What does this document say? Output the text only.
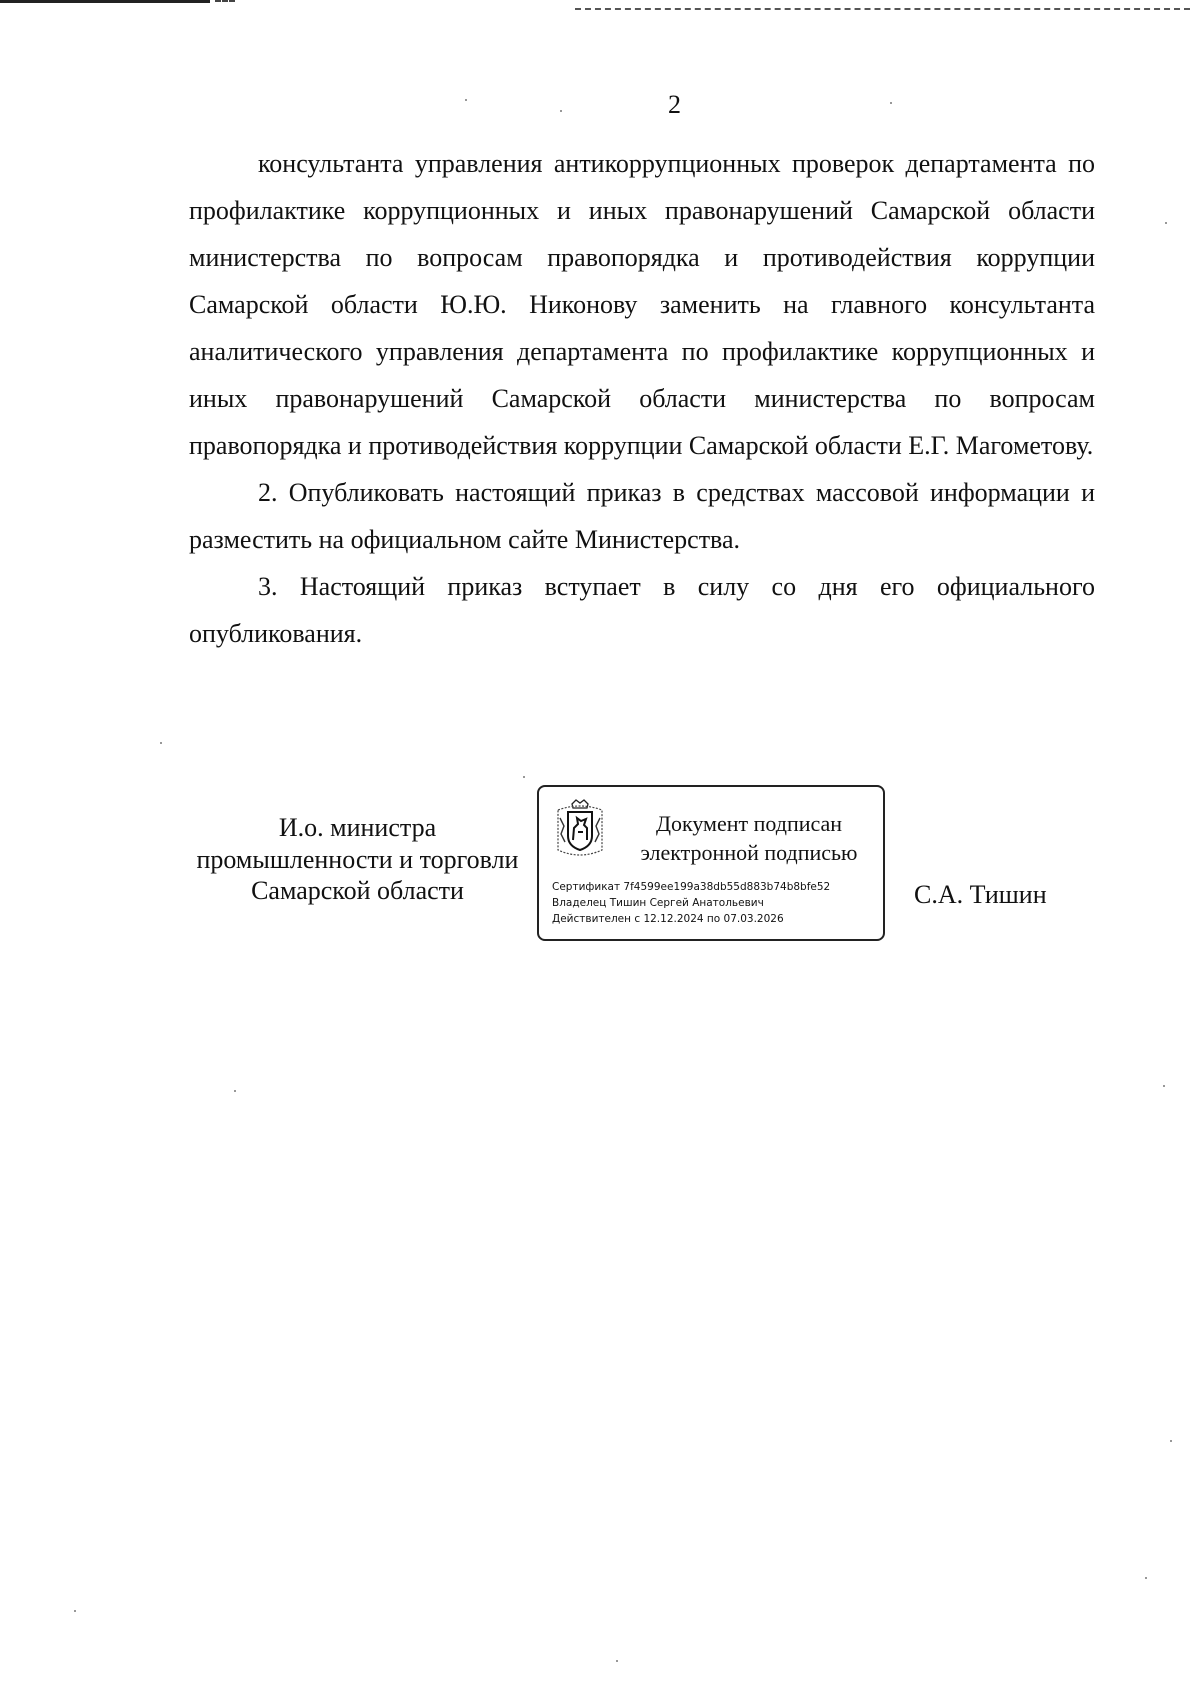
2

консультанта управления антикоррупционных проверок департамента по профилактике коррупционных и иных правонарушений Самарской области министерства по вопросам правопорядка и противодействия коррупции Самарской области Ю.Ю. Никонову заменить на главного консультанта аналитического управления департамента по профилактике коррупционных и иных правонарушений Самарской области министерства по вопросам правопорядка и противодействия коррупции Самарской области Е.Г. Магометову.

2. Опубликовать настоящий приказ в средствах массовой информации и разместить на официальном сайте Министерства.

3. Настоящий приказ вступает в силу со дня его официального опубликования.

И.о. министра
промышленности и торговли
Самарской области
Документ подписан
электронной подписью
Сертификат 7f4599ee199a38db55d883b74b8bfe52
Владелец Тишин Сергей Анатольевич
Действителен с 12.12.2024 по 07.03.2026
С.А. Тишин
